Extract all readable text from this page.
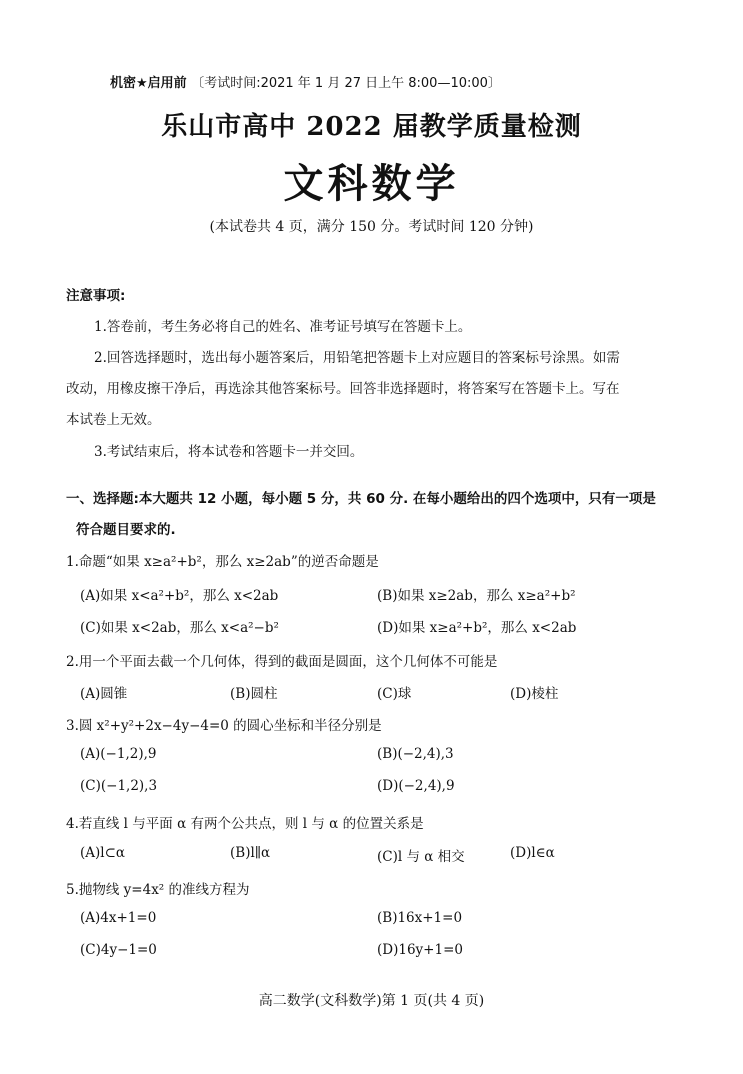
机密★启用前 〔考试时间:2021 年 1 月 27 日上午 8:00—10:00〕
乐山市高中 2022 届教学质量检测
文科数学
(本试卷共 4 页，满分 150 分。考试时间 120 分钟)
注意事项:
1.答卷前，考生务必将自己的姓名、准考证号填写在答题卡上。
2.回答选择题时，选出每小题答案后，用铅笔把答题卡上对应题目的答案标号涂黑。如需
改动，用橡皮擦干净后，再选涂其他答案标号。回答非选择题时，将答案写在答题卡上。写在
本试卷上无效。
3.考试结束后，将本试卷和答题卡一并交回。
一、选择题:本大题共 12 小题，每小题 5 分，共 60 分. 在每小题给出的四个选项中，只有一项是
符合题目要求的.
1.命题“如果 x≥a²+b²，那么 x≥2ab”的逆否命题是
(A)如果 x<a²+b²，那么 x<2ab	(B)如果 x≥2ab，那么 x≥a²+b²
(C)如果 x<2ab，那么 x<a²−b²	(D)如果 x≥a²+b²，那么 x<2ab
2.用一个平面去截一个几何体，得到的截面是圆面，这个几何体不可能是
(A)圆锥	(B)圆柱	(C)球	(D)棱柱
3.圆 x²+y²+2x−4y−4=0 的圆心坐标和半径分别是
(A)(−1,2),9	(B)(−2,4),3
(C)(−1,2),3	(D)(−2,4),9
4.若直线 l 与平面 α 有两个公共点，则 l 与 α 的位置关系是
(A)l⊂α	(B)l∥α	(C)l 与 α 相交	(D)l∈α
5.抛物线 y=4x² 的准线方程为
(A)4x+1=0	(B)16x+1=0
(C)4y−1=0	(D)16y+1=0
高二数学(文科数学)第 1 页(共 4 页)
